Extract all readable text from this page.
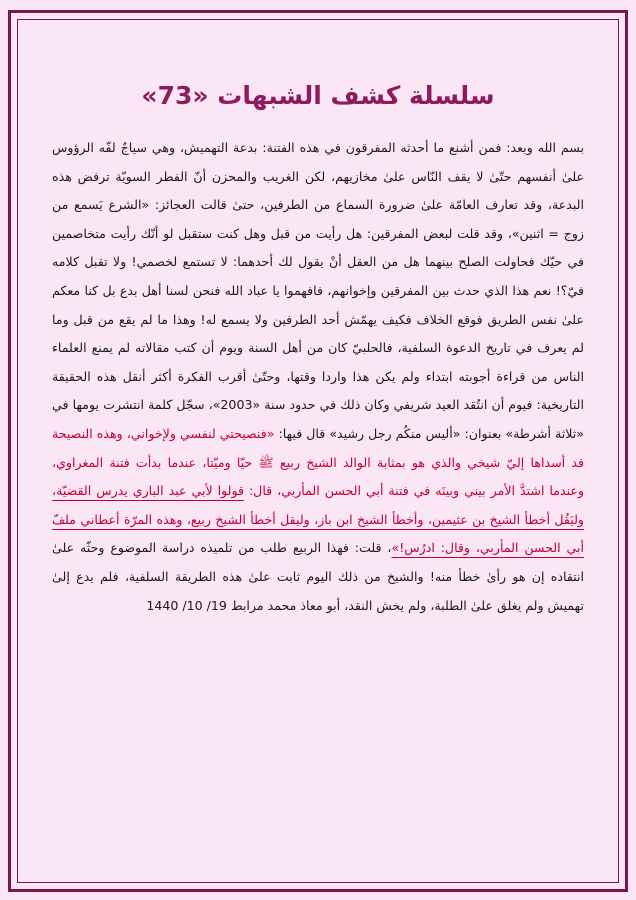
سلسلة كشف الشبهات «73»
بسم الله وبعد: فمن أشنع ما أحدثه المفرقون في هذه الفتنة: بدعة التهميش، وهي سياجٌ لفّه الرؤوس علىٰ أنفسهم حتّىٰ لا يقف النّاس علىٰ مخازيهم، لكن الغريب والمحزن أنّ الفطر السويّة ترفض هذه البدعة، وقد تعارف العامّة علىٰ ضرورة السماع من الطرفين، حتىٰ قالت العجائز: «الشرع يَسمع من زوج = اثنين»، وقد قلت لبعض المفرقين: هل رأيت من قبل وهل كنت ستقبل لو أنّك رأيت متخاصمين في حيّك فحاولت الصلح بينهما هل من العقل أنْ يقول لك أحدهما: لا تستمع لخصمي! ولا تقبل كلامه فيّ؟! نعم هذا الذي حدث بين المفرقين وإخوانهم، فافهموا يا عباد الله فنحن لسنا أهل بدع بل كنا معكم علىٰ نفس الطريق فوقع الخلاف فكيف يهمّش أحد الطرفين ولا يسمع له! وهذا ما لم يقع من قبل وما لم يعرف في تاريخ الدعوة السلفية، فالحلبيّ كان من أهل السنة ويوم أن كتب مقالاته لم يمنع العلماء الناس من قراءة أجوبته ابتداء ولم يكن هذا واردا وقتها، وحتّىٰ أقرب الفكرة أكثر أنقل هذه الحقيقة التاريخية: فيوم أن انتُقد العيد شريفي وكان ذلك في حدود سنة «2003»، سجّل كلمة انتشرت يومها في «ثلاثة أشرطة» بعنوان: «أليس منكُم رجل رشيد» قال فيها: «فنصيحتي لنفسي ولإخواني، وهذه النصيحة قد أسداها إليّ شيخي والذي هو بمثابة الوالد الشيخ ربيع ﷺ حيّا وميّتا، عندما بدأت فتنة المغراوي، وعندما اشتدَّ الأمر بيني وبينَه في فتنة أبي الحسن المأربي، قال: قولوا لأبي عبد الباري يدرس القضيّة، وليَقُل أخطأ الشيخ بن عثيمين، وأخطأ الشيخ ابن باز، وليقل أخطأ الشيخ ربيع، وهذه المرّة أعطاني ملفّ أبي الحسن المأربي، وقال: ادرُس!»، قلت: فهذا الربيع طلب من تلميذه دراسة الموضوع وحثّه علىٰ انتقاده إن هو رأىٰ خطأ منه! والشيخ من ذلك اليوم ثابت علىٰ هذه الطريقة السلفية، فلم يدع إلىٰ تهميش ولم يغلق علىٰ الطلبة، ولم يخش النقد، أبو معاذ محمد مرابط 19/ 10/ 1440
